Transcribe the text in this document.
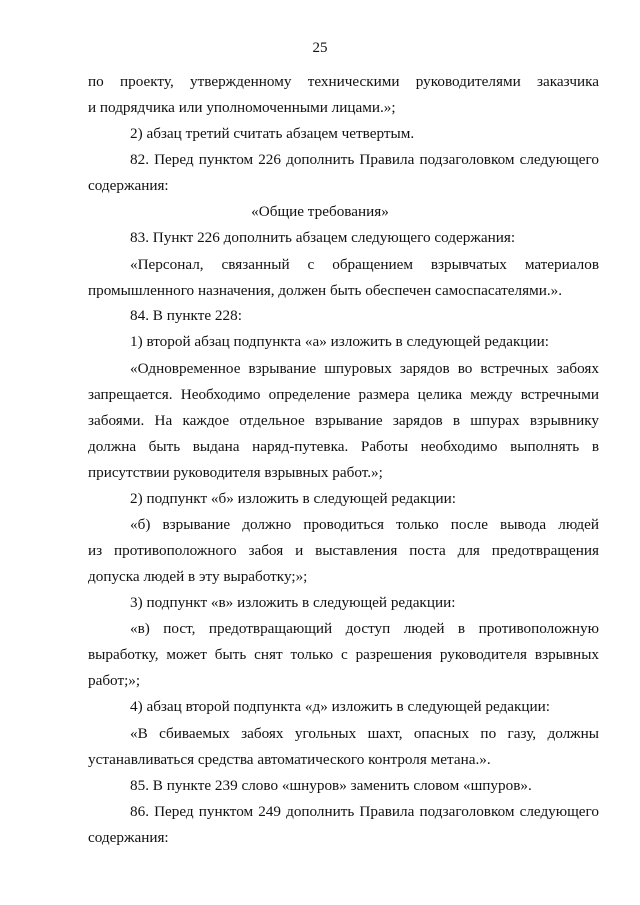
25
по проекту, утвержденному техническими руководителями заказчика
и подрядчика или уполномоченными лицами.»;
2) абзац третий считать абзацем четвертым.
82. Перед пунктом 226 дополнить Правила подзаголовком следующего
содержания:
«Общие требования»
83. Пункт 226 дополнить абзацем следующего содержания:
«Персонал, связанный с обращением взрывчатых материалов
промышленного назначения, должен быть обеспечен самоспасателями.».
84. В пункте 228:
1) второй абзац подпункта «а» изложить в следующей редакции:
«Одновременное взрывание шпуровых зарядов во встречных забоях
запрещается. Необходимо определение размера целика между встречными
забоями. На каждое отдельное взрывание зарядов в шпурах взрывнику
должна быть выдана наряд-путевка. Работы необходимо выполнять в
присутствии руководителя взрывных работ.»;
2) подпункт «б» изложить в следующей редакции:
«б) взрывание должно проводиться только после вывода людей
из противоположного забоя и выставления поста для предотвращения
допуска людей в эту выработку;»;
3) подпункт «в» изложить в следующей редакции:
«в) пост, предотвращающий доступ людей в противоположную
выработку, может быть снят только с разрешения руководителя взрывных
работ;»;
4) абзац второй подпункта «д» изложить в следующей редакции:
«В сбиваемых забоях угольных шахт, опасных по газу, должны
устанавливаться средства автоматического контроля метана.».
85. В пункте 239 слово «шнуров» заменить словом «шпуров».
86. Перед пунктом 249 дополнить Правила подзаголовком следующего
содержания:
